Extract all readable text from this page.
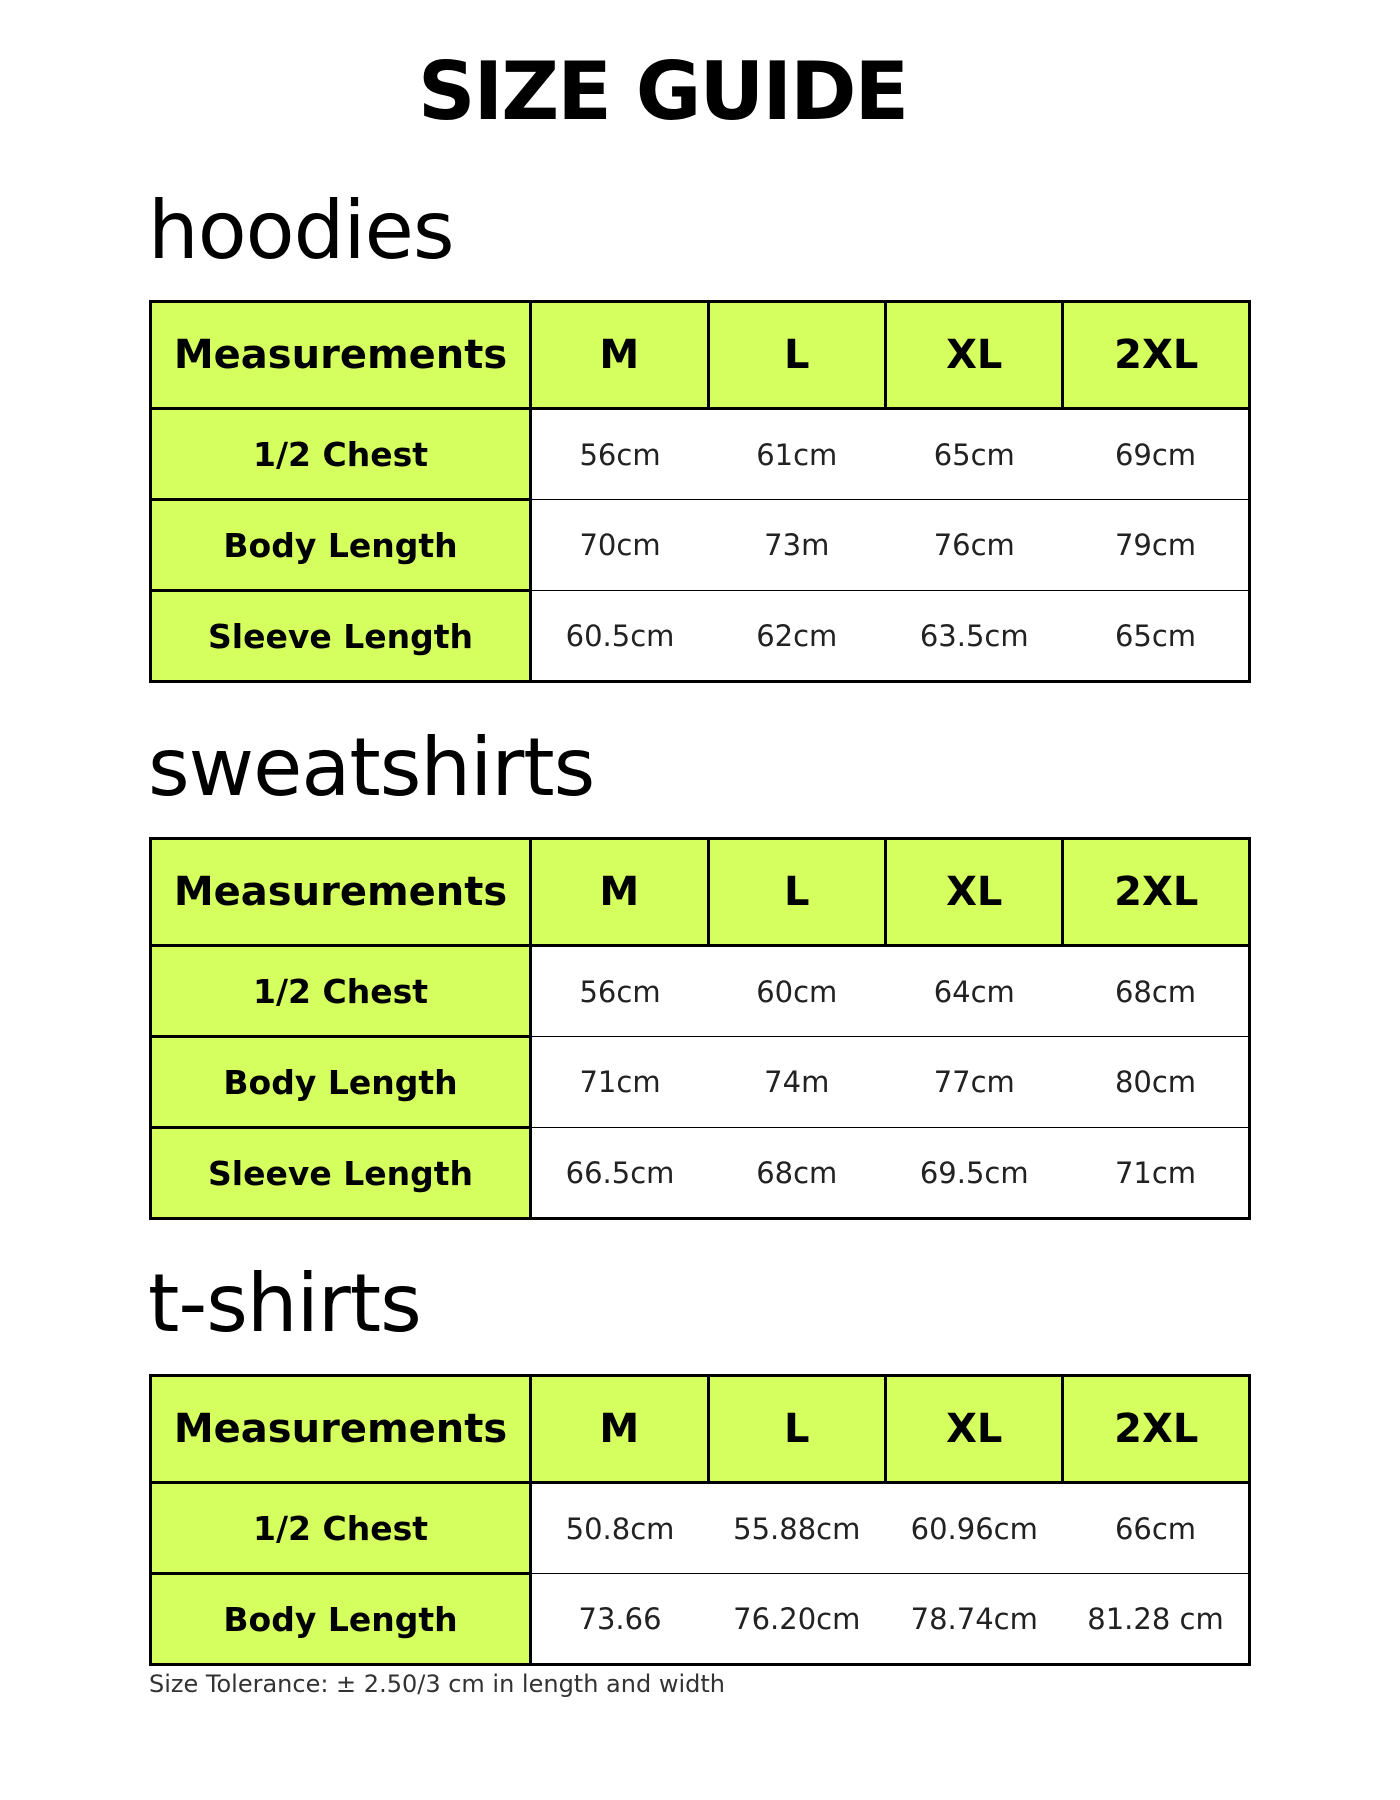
SIZE GUIDE
hoodies
Measurements	M	L	XL	2XL
1/2 Chest	56cm	61cm	65cm	69cm
Body Length	70cm	73m	76cm	79cm
Sleeve Length	60.5cm	62cm	63.5cm	65cm
sweatshirts
Measurements	M	L	XL	2XL
1/2 Chest	56cm	60cm	64cm	68cm
Body Length	71cm	74m	77cm	80cm
Sleeve Length	66.5cm	68cm	69.5cm	71cm
t-shirts
Measurements	M	L	XL	2XL
1/2 Chest	50.8cm	55.88cm	60.96cm	66cm
Body Length	73.66	76.20cm	78.74cm	81.28 cm
Size Tolerance: ± 2.50/3 cm in length and width
